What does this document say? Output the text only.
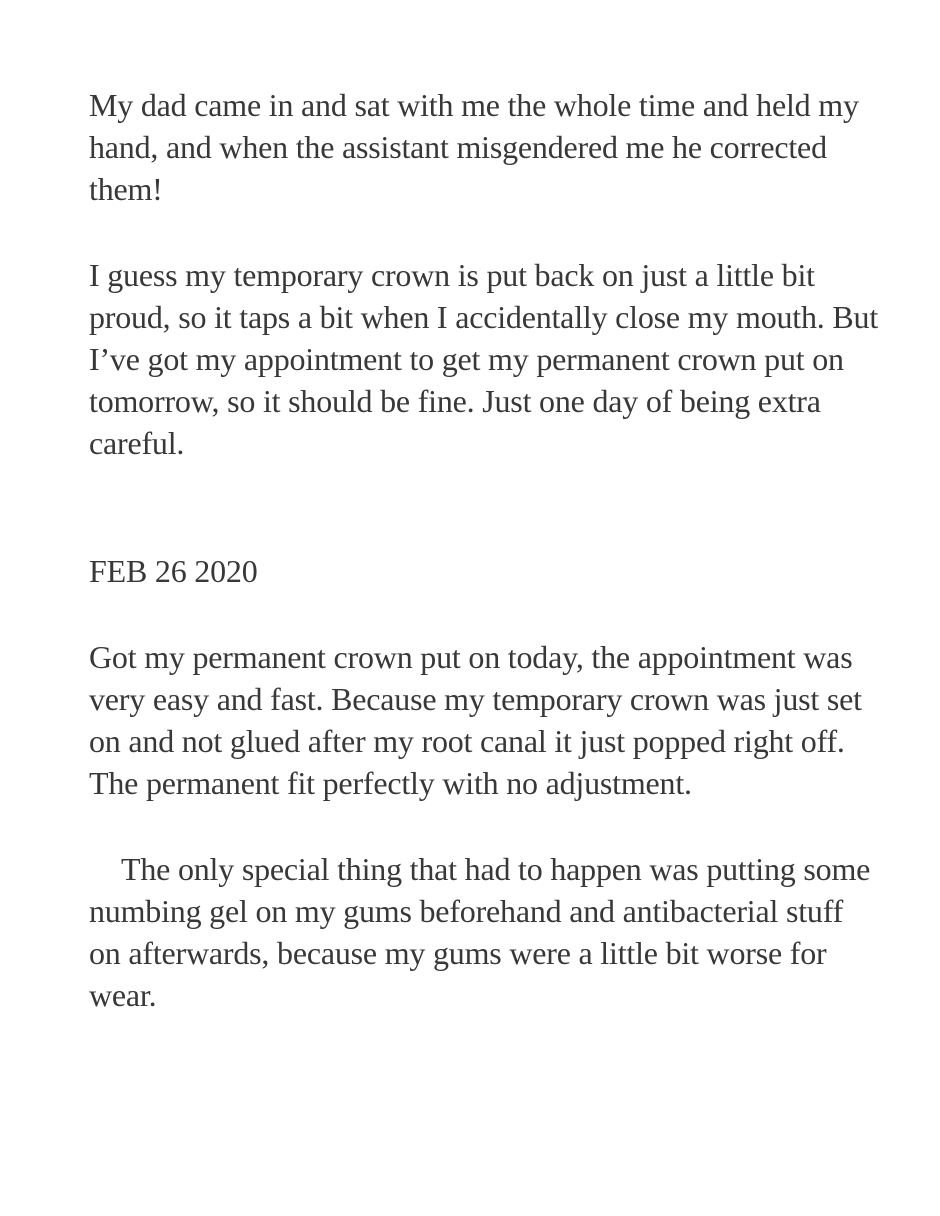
My dad came in and sat with me the whole time and held my hand, and when the assistant misgendered me he corrected them!

I guess my temporary crown is put back on just a little bit proud, so it taps a bit when I accidentally close my mouth. But I’ve got my appointment to get my permanent crown put on tomorrow, so it should be fine. Just one day of being extra careful.

FEB 26 2020

Got my permanent crown put on today, the appointment was very easy and fast. Because my temporary crown was just set on and not glued after my root canal it just popped right off. The permanent fit perfectly with no adjustment.

The only special thing that had to happen was putting some numbing gel on my gums beforehand and antibacterial stuff on afterwards, because my gums were a little bit worse for wear.
